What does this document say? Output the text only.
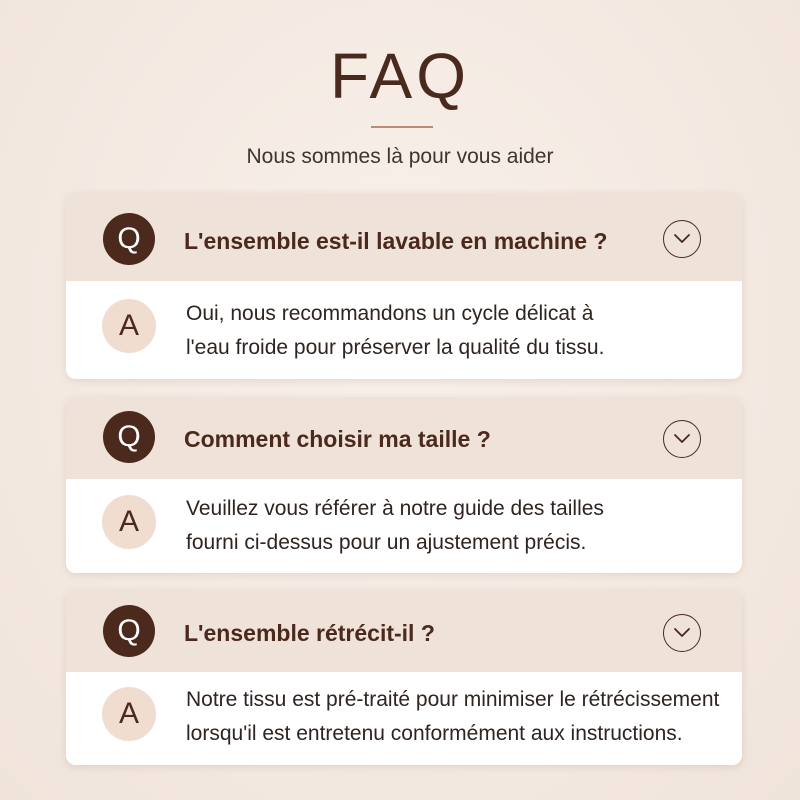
FAQ
Nous sommes là pour vous aider
Q	L'ensemble est-il lavable en machine ?
A	Oui, nous recommandons un cycle délicat à
l'eau froide pour préserver la qualité du tissu.
Q	Comment choisir ma taille ?
A	Veuillez vous référer à notre guide des tailles
fourni ci-dessus pour un ajustement précis.
Q	L'ensemble rétrécit-il ?
A	Notre tissu est pré-traité pour minimiser le rétrécissement
lorsqu'il est entretenu conformément aux instructions.
